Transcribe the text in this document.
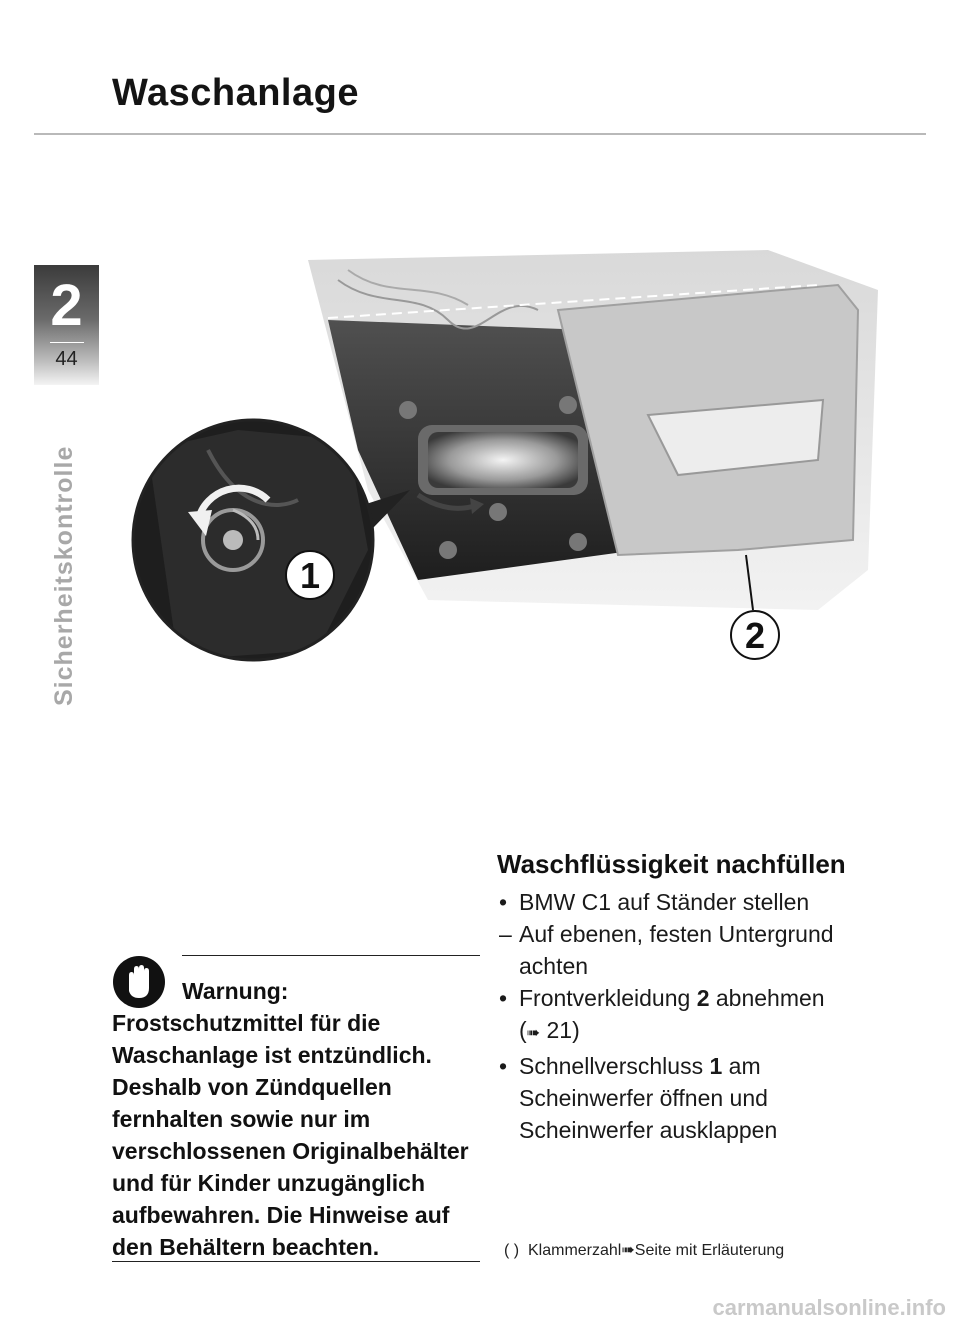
Waschanlage
2
44
Sicherheitskontrolle	1
2
Warnung:
Frostschutzmittel für die Waschanlage ist entzündlich. Deshalb von Zündquellen fernhalten sowie nur im verschlossenen Originalbehälter und für Kinder unzugänglich aufbewahren. Die Hinweise auf den Behältern beachten.
Waschflüssigkeit nachfüllen
• BMW C1 auf Ständer stellen
– Auf ebenen, festen Untergrund achten
• Frontverkleidung 2 abnehmen
(➠ 21)
• Schnellverschluss 1 am Scheinwerfer öffnen und Scheinwerfer ausklappen
( ) Klammerzahl➠Seite mit Erläuterung
carmanualsonline.info
